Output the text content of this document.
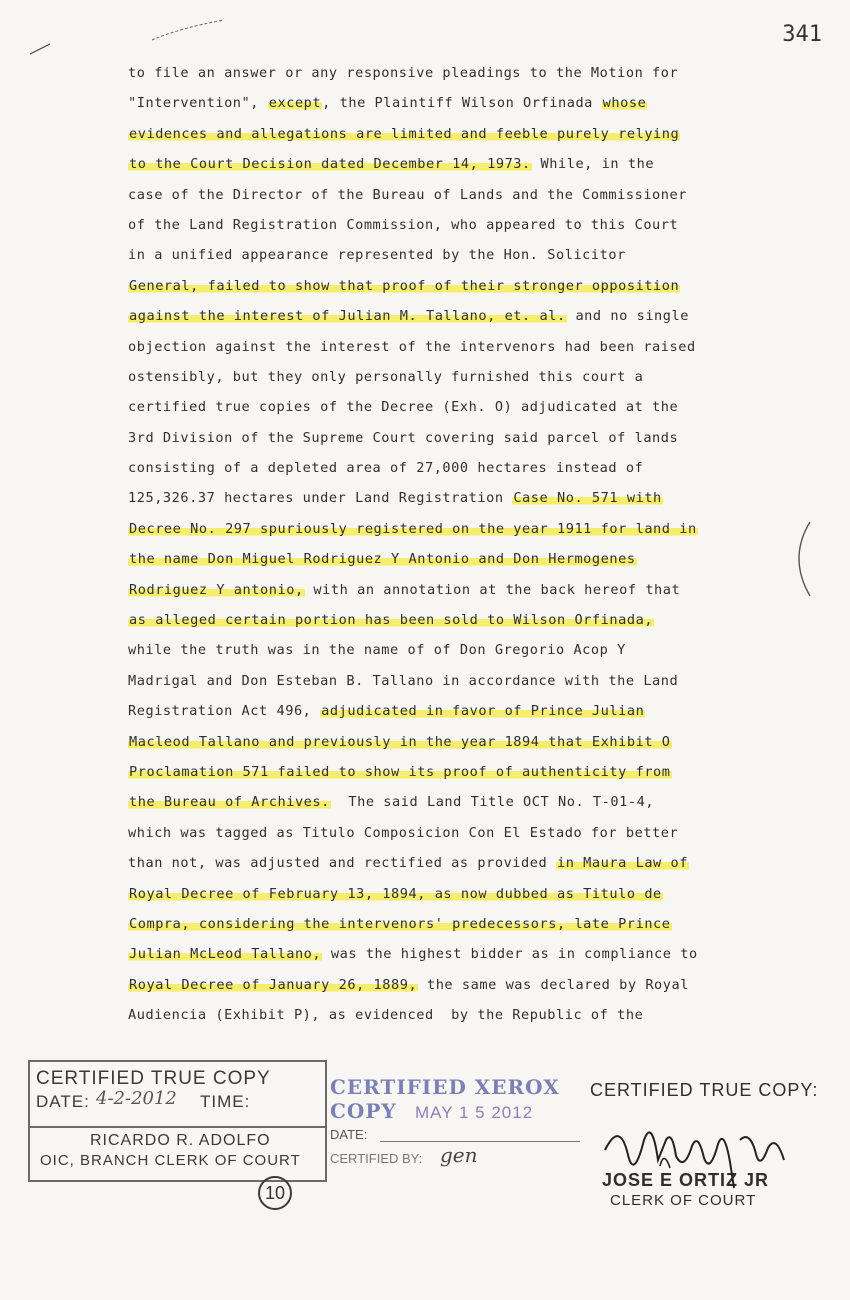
341
to file an answer or any responsive pleadings to the Motion for
"Intervention", except, the Plaintiff Wilson Orfinada whose
evidences and allegations are limited and feeble purely relying
to the Court Decision dated December 14, 1973. While, in the
case of the Director of the Bureau of Lands and the Commissioner
of the Land Registration Commission, who appeared to this Court
in a unified appearance represented by the Hon. Solicitor
General, failed to show that proof of their stronger opposition
against the interest of Julian M. Tallano, et. al. and no single
objection against the interest of the intervenors had been raised
ostensibly, but they only personally furnished this court a
certified true copies of the Decree (Exh. O) adjudicated at the
3rd Division of the Supreme Court covering said parcel of lands
consisting of a depleted area of 27,000 hectares instead of
125,326.37 hectares under Land Registration Case No. 571 with
Decree No. 297 spuriously registered on the year 1911 for land in
the name Don Miguel Rodriguez Y Antonio and Don Hermogenes
Rodriguez Y antonio, with an annotation at the back hereof that
as alleged certain portion has been sold to Wilson Orfinada,
while the truth was in the name of of Don Gregorio Acop Y
Madrigal and Don Esteban B. Tallano in accordance with the Land
Registration Act 496, adjudicated in favor of Prince Julian
Macleod Tallano and previously in the year 1894 that Exhibit O
Proclamation 571 failed to show its proof of authenticity from
the Bureau of Archives.  The said Land Title OCT No. T-01-4,
which was tagged as Titulo Composicion Con El Estado for better
than not, was adjusted and rectified as provided in Maura Law of
Royal Decree of February 13, 1894, as now dubbed as Titulo de
Compra, considering the intervenors' predecessors, late Prince
Julian McLeod Tallano, was the highest bidder as in compliance to
Royal Decree of January 26, 1889, the same was declared by Royal
Audiencia (Exhibit P), as evidenced  by the Republic of the
CERTIFIED TRUE COPY
DATE: 4-2-2012 TIME:
RICARDO R. ADOLFO
OIC, BRANCH CLERK OF COURT
10
CERTIFIED XEROX COPY	MAY 1 5 2012
DATE:
CERTIFIED BY: gen
CERTIFIED TRUE COPY:
JOSE E ORTIZ JR
CLERK OF COURT
